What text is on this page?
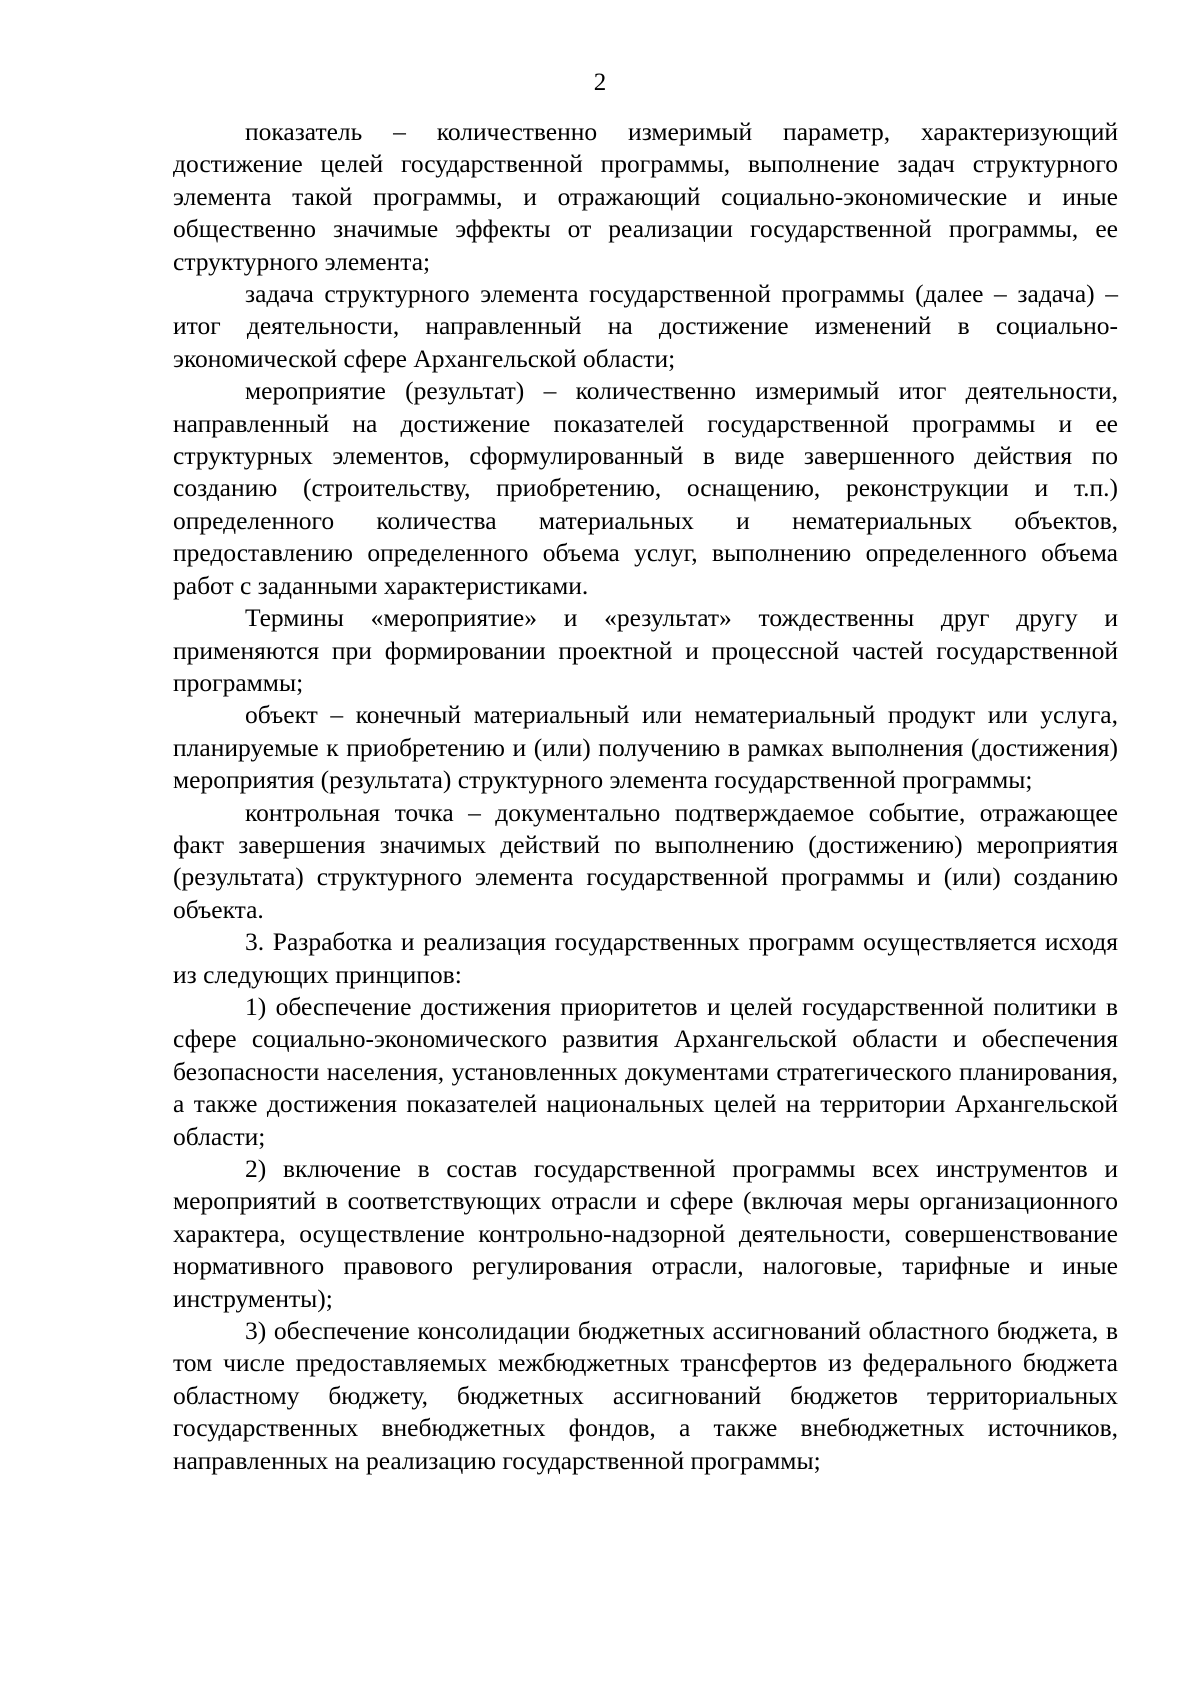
2

показатель – количественно измеримый параметр, характеризующий достижение целей государственной программы, выполнение задач структурного элемента такой программы, и отражающий социально-экономические и иные общественно значимые эффекты от реализации государственной программы, ее структурного элемента;

задача структурного элемента государственной программы (далее – задача) – итог деятельности, направленный на достижение изменений в социально-экономической сфере Архангельской области;

мероприятие (результат) – количественно измеримый итог деятельности, направленный на достижение показателей государственной программы и ее структурных элементов, сформулированный в виде завершенного действия по созданию (строительству, приобретению, оснащению, реконструкции и т.п.) определенного количества материальных и нематериальных объектов, предоставлению определенного объема услуг, выполнению определенного объема работ с заданными характеристиками.

Термины «мероприятие» и «результат» тождественны друг другу и применяются при формировании проектной и процессной частей государственной программы;

объект – конечный материальный или нематериальный продукт или услуга, планируемые к приобретению и (или) получению в рамках выполнения (достижения) мероприятия (результата) структурного элемента государственной программы;

контрольная точка – документально подтверждаемое событие, отражающее факт завершения значимых действий по выполнению (достижению) мероприятия (результата) структурного элемента государственной программы и (или) созданию объекта.

3. Разработка и реализация государственных программ осуществляется исходя из следующих принципов:

1) обеспечение достижения приоритетов и целей государственной политики в сфере социально-экономического развития Архангельской области и обеспечения безопасности населения, установленных документами стратегического планирования, а также достижения показателей национальных целей на территории Архангельской области;

2) включение в состав государственной программы всех инструментов и мероприятий в соответствующих отрасли и сфере (включая меры организационного характера, осуществление контрольно-надзорной деятельности, совершенствование нормативного правового регулирования отрасли, налоговые, тарифные и иные инструменты);

3) обеспечение консолидации бюджетных ассигнований областного бюджета, в том числе предоставляемых межбюджетных трансфертов из федерального бюджета областному бюджету, бюджетных ассигнований бюджетов территориальных государственных внебюджетных фондов, а также внебюджетных источников, направленных на реализацию государственной программы;
